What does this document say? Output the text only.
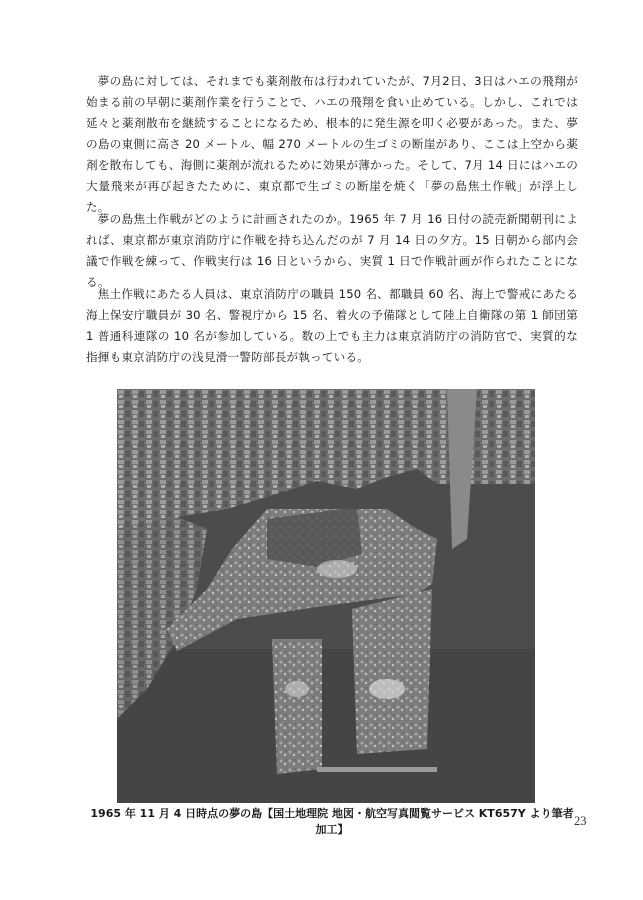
夢の島に対しては、それまでも薬剤散布は行われていたが、7月2日、3日はハエの飛翔が始まる前の早朝に薬剤作業を行うことで、ハエの飛翔を食い止めている。しかし、これでは延々と薬剤散布を継続することになるため、根本的に発生源を叩く必要があった。また、夢の島の東側に高さ 20 メートル、幅 270 メートルの生ゴミの断崖があり、ここは上空から薬剤を散布しても、海側に薬剤が流れるために効果が薄かった。そして、7月 14 日にはハエの大量飛来が再び起きたために、東京都で生ゴミの断崖を焼く「夢の島焦土作戦」が浮上した。

夢の島焦土作戦がどのように計画されたのか。1965 年 7 月 16 日付の読売新聞朝刊によれば、東京都が東京消防庁に作戦を持ち込んだのが 7 月 14 日の夕方。15 日朝から部内会議で作戦を練って、作戦実行は 16 日というから、実質 1 日で作戦計画が作られたことになる。

焦土作戦にあたる人員は、東京消防庁の職員 150 名、都職員 60 名、海上で警戒にあたる海上保安庁職員が 30 名、警視庁から 15 名、着火の予備隊として陸上自衛隊の第 1 師団第 1 普通科連隊の 10 名が参加している。数の上でも主力は東京消防庁の消防官で、実質的な指揮も東京消防庁の浅見滑一警防部長が執っている。

1965 年 11 月 4 日時点の夢の島【国土地理院 地図・航空写真閲覧サービス KT657Y より筆者加工】

23
